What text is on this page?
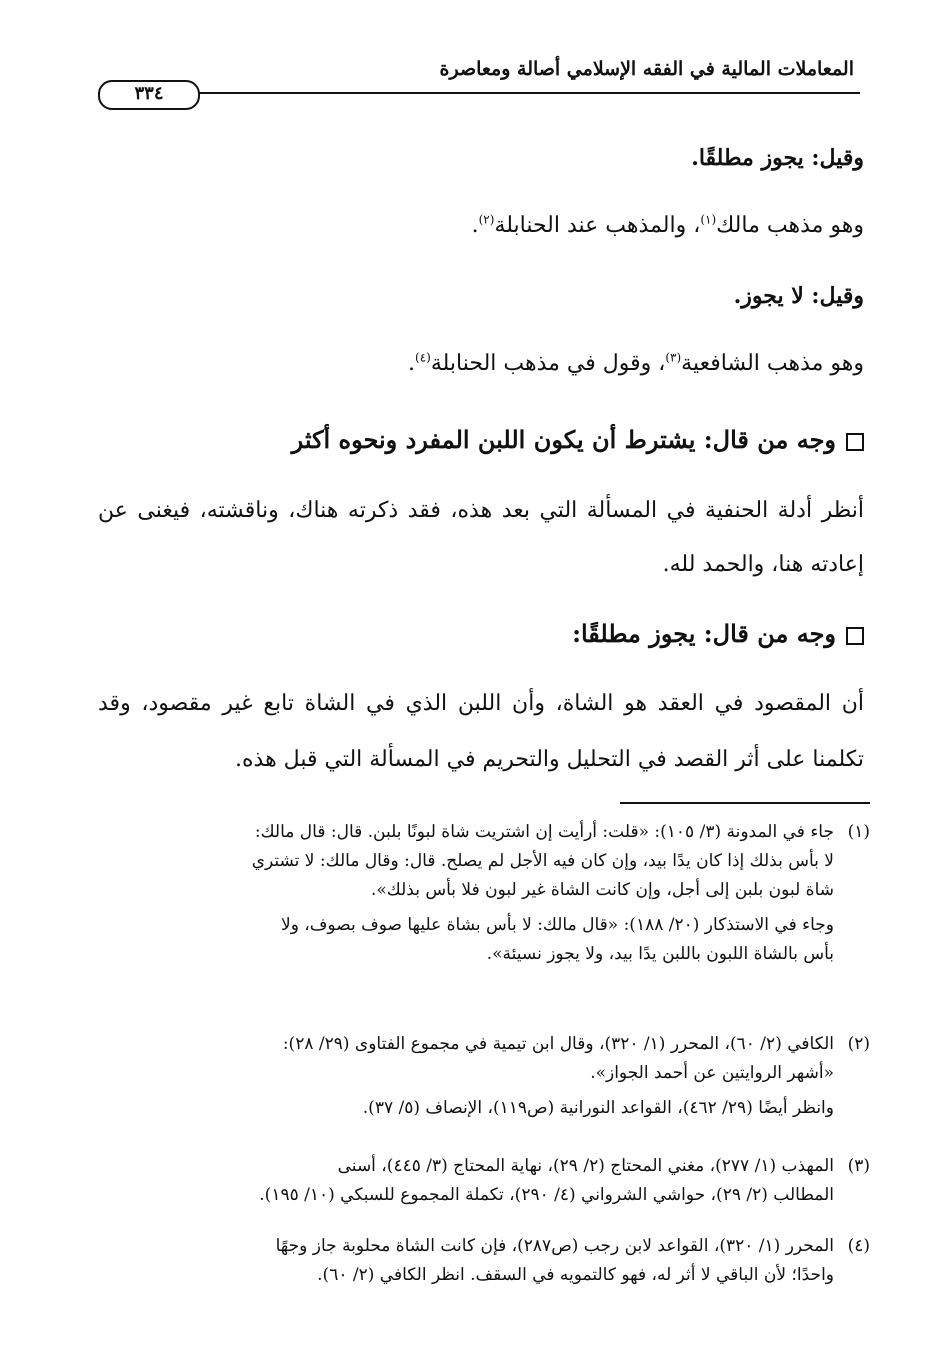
المعاملات المالية في الفقه الإسلامي أصالة ومعاصرة
٣٣٤
وقيل: يجوز مطلقًا.
وهو مذهب مالك$^{(١)}$، والمذهب عند الحنابلة$^{(٢)}$.
وقيل: لا يجوز.
وهو مذهب الشافعية$^{(٣)}$، وقول في مذهب الحنابلة$^{(٤)}$.
وجه من قال: يشترط أن يكون اللبن المفرد ونحوه أكثر
أنظر أدلة الحنفية في المسألة التي بعد هذه، فقد ذكرته هناك، وناقشته، فيغنى عن إعادته هنا، والحمد لله.
وجه من قال: يجوز مطلقًا:
أن المقصود في العقد هو الشاة، وأن اللبن الذي في الشاة تابع غير مقصود، وقد تكلمنا على أثر القصد في التحليل والتحريم في المسألة التي قبل هذه.
(١)
جاء في المدونة (٣/ ١٠٥): «قلت: أرأيت إن اشتريت شاة لبونًا بلبن. قال: قال مالك:
لا بأس بذلك إذا كان يدًا بيد، وإن كان فيه الأجل لم يصلح. قال: وقال مالك: لا تشتري
شاة لبون بلبن إلى أجل، وإن كانت الشاة غير لبون فلا بأس بذلك».
وجاء في الاستذكار (٢٠/ ١٨٨): «قال مالك: لا بأس بشاة عليها صوف بصوف، ولا
بأس بالشاة اللبون باللبن يدًا بيد، ولا يجوز نسيئة».
(٢)
الكافي (٢/ ٦٠)، المحرر (١/ ٣٢٠)، وقال ابن تيمية في مجموع الفتاوى (٢٩/ ٢٨):
«أشهر الروايتين عن أحمد الجواز».
وانظر أيضًا (٢٩/ ٤٦٢)، القواعد النورانية (ص١١٩)، الإنصاف (٥/ ٣٧).
(٣)
المهذب (١/ ٢٧٧)، مغني المحتاج (٢/ ٢٩)، نهاية المحتاج (٣/ ٤٤٥)، أسنى
المطالب (٢/ ٢٩)، حواشي الشرواني (٤/ ٢٩٠)، تكملة المجموع للسبكي (١٠/ ١٩٥).
(٤)
المحرر (١/ ٣٢٠)، القواعد لابن رجب (ص٢٨٧)، فإن كانت الشاة محلوبة جاز وجهًا
واحدًا؛ لأن الباقي لا أثر له، فهو كالتمويه في السقف. انظر الكافي (٢/ ٦٠).
